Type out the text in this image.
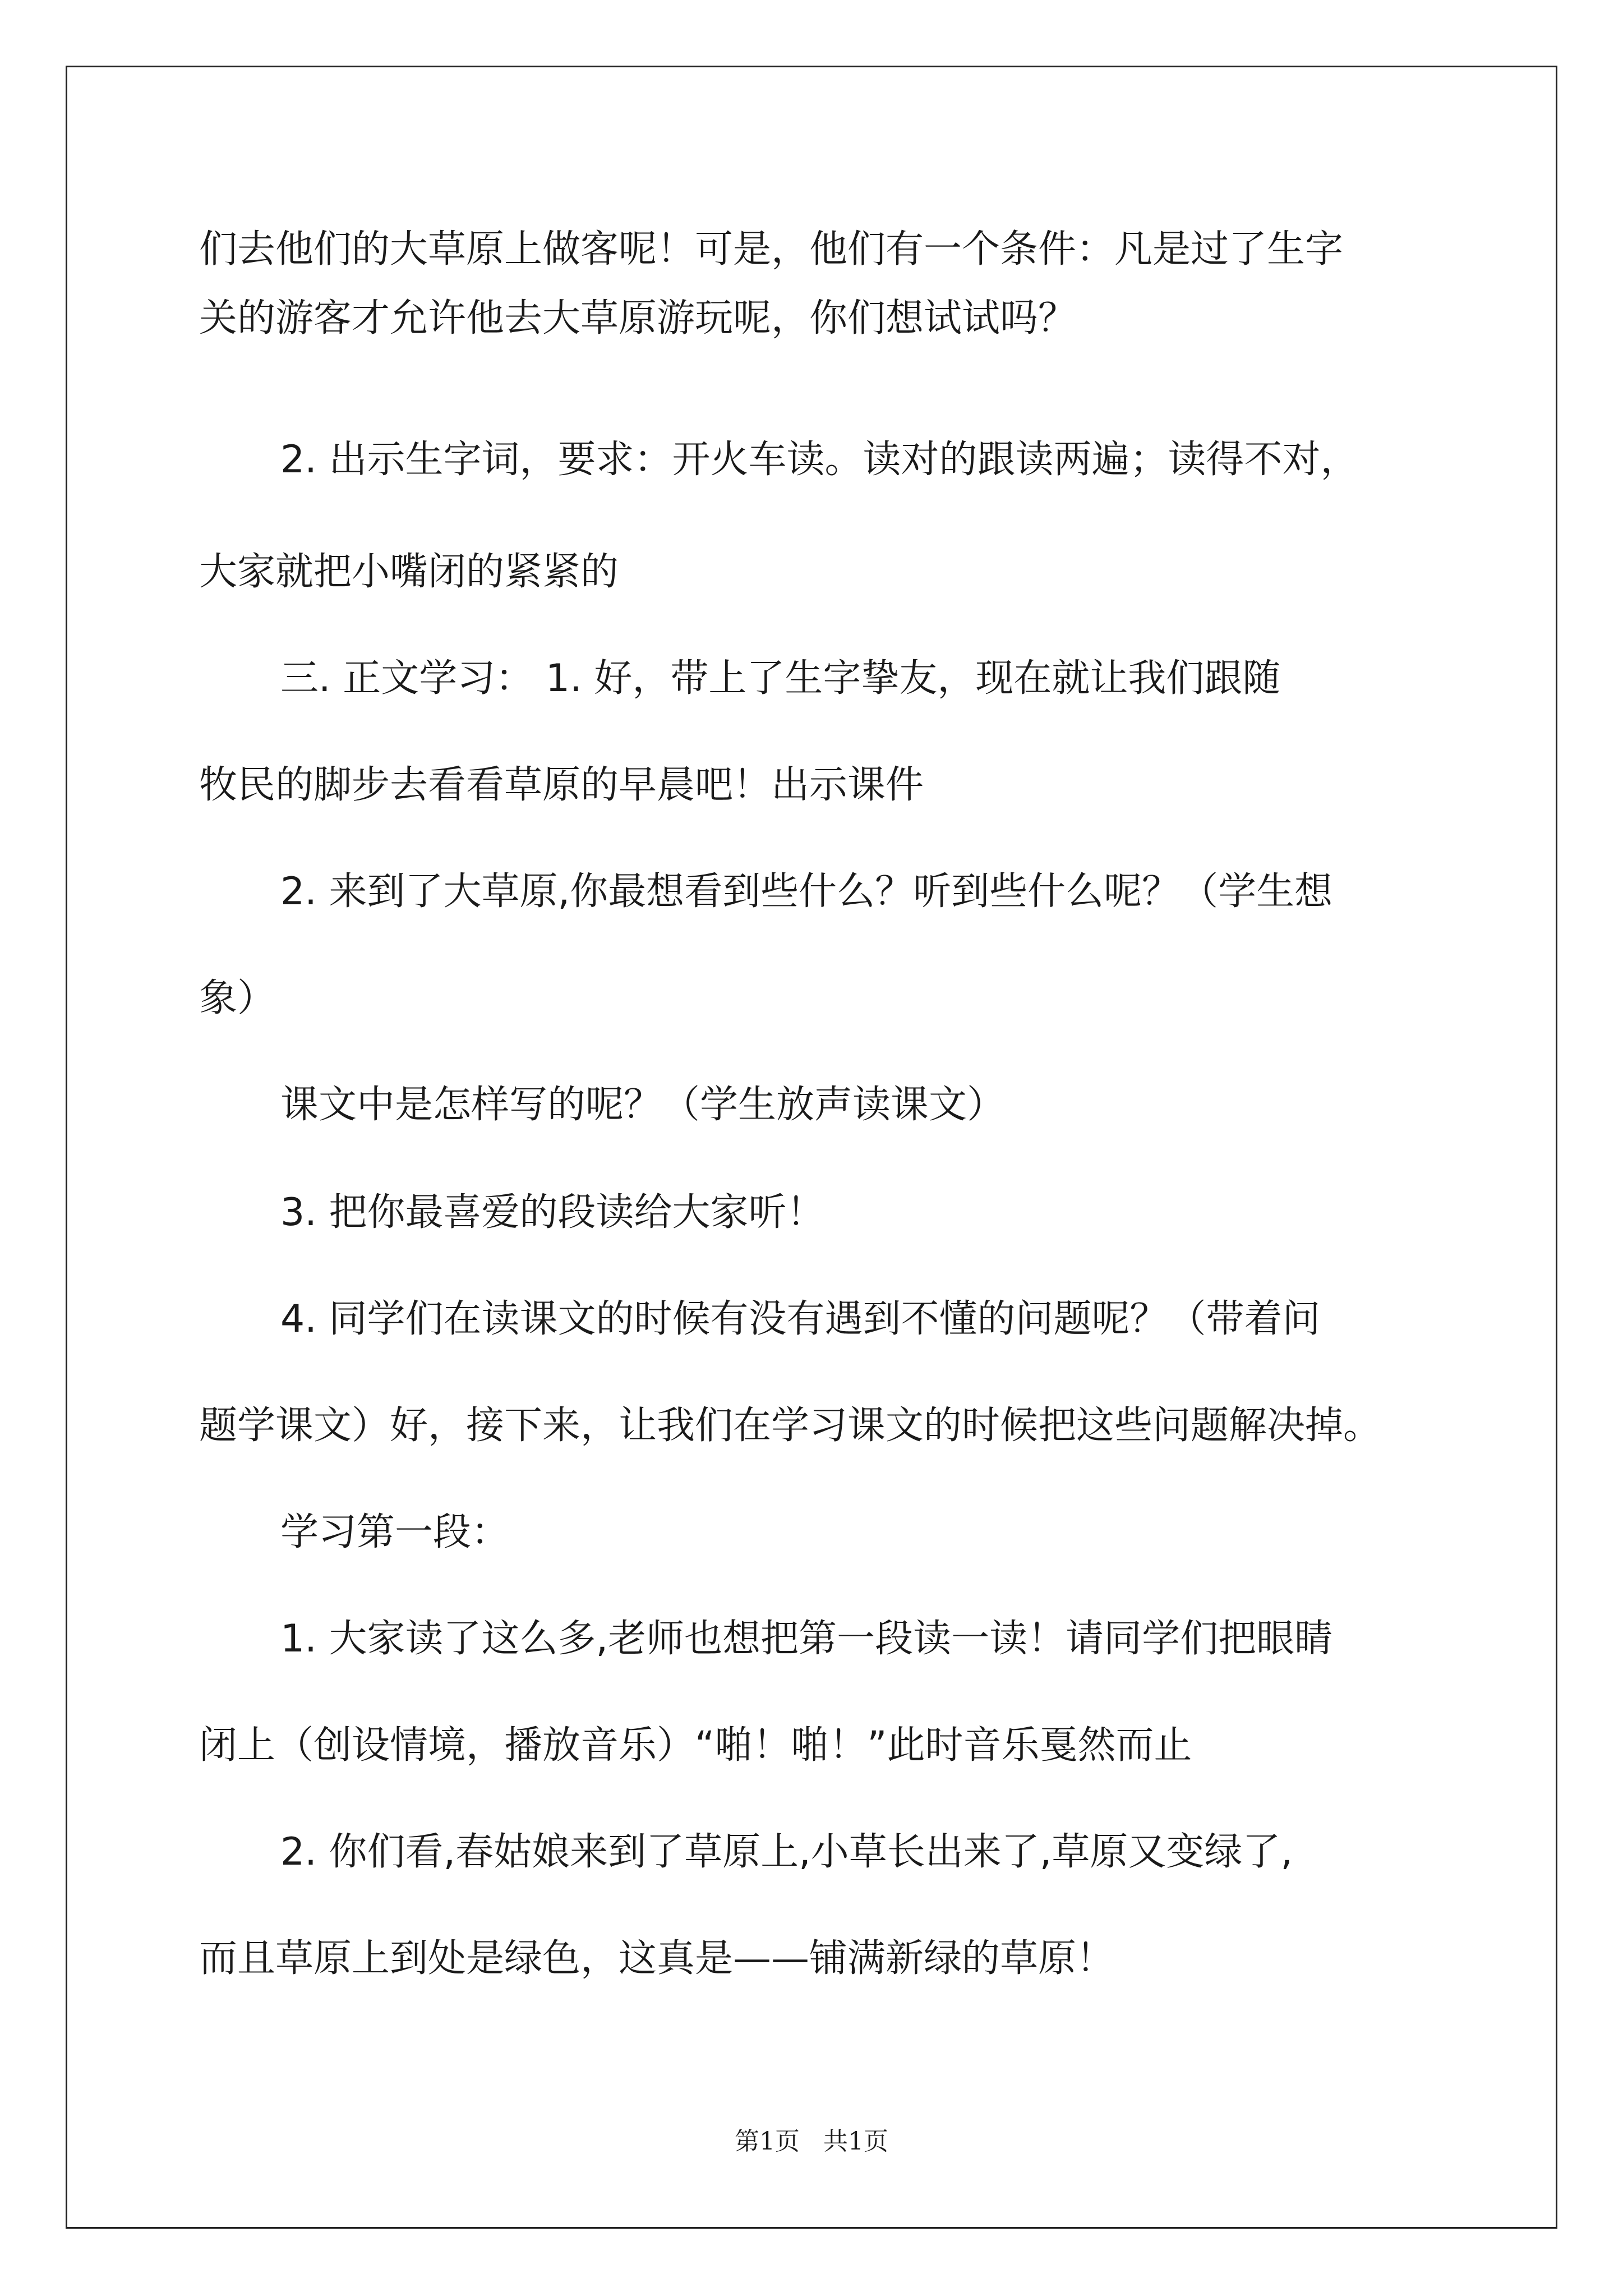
们去他们的大草原上做客呢！可是，他们有一个条件：凡是过了生字

关的游客才允许他去大草原游玩呢，你们想试试吗？

2. 出示生字词，要求：开火车读。读对的跟读两遍；读得不对，

大家就把小嘴闭的紧紧的

三. 正文学习： 1. 好，带上了生字挚友，现在就让我们跟随

牧民的脚步去看看草原的早晨吧！出示课件

2. 来到了大草原,你最想看到些什么？听到些什么呢？（学生想

象）

课文中是怎样写的呢？（学生放声读课文）

3. 把你最喜爱的段读给大家听！

4. 同学们在读课文的时候有没有遇到不懂的问题呢？（带着问

题学课文）好，接下来，让我们在学习课文的时候把这些问题解决掉。

学习第一段：

1. 大家读了这么多,老师也想把第一段读一读！请同学们把眼睛

闭上（创设情境，播放音乐）“啪！啪！”此时音乐戛然而止

2. 你们看,春姑娘来到了草原上,小草长出来了,草原又变绿了,

而且草原上到处是绿色，这真是——铺满新绿的草原！

第1页   共1页
